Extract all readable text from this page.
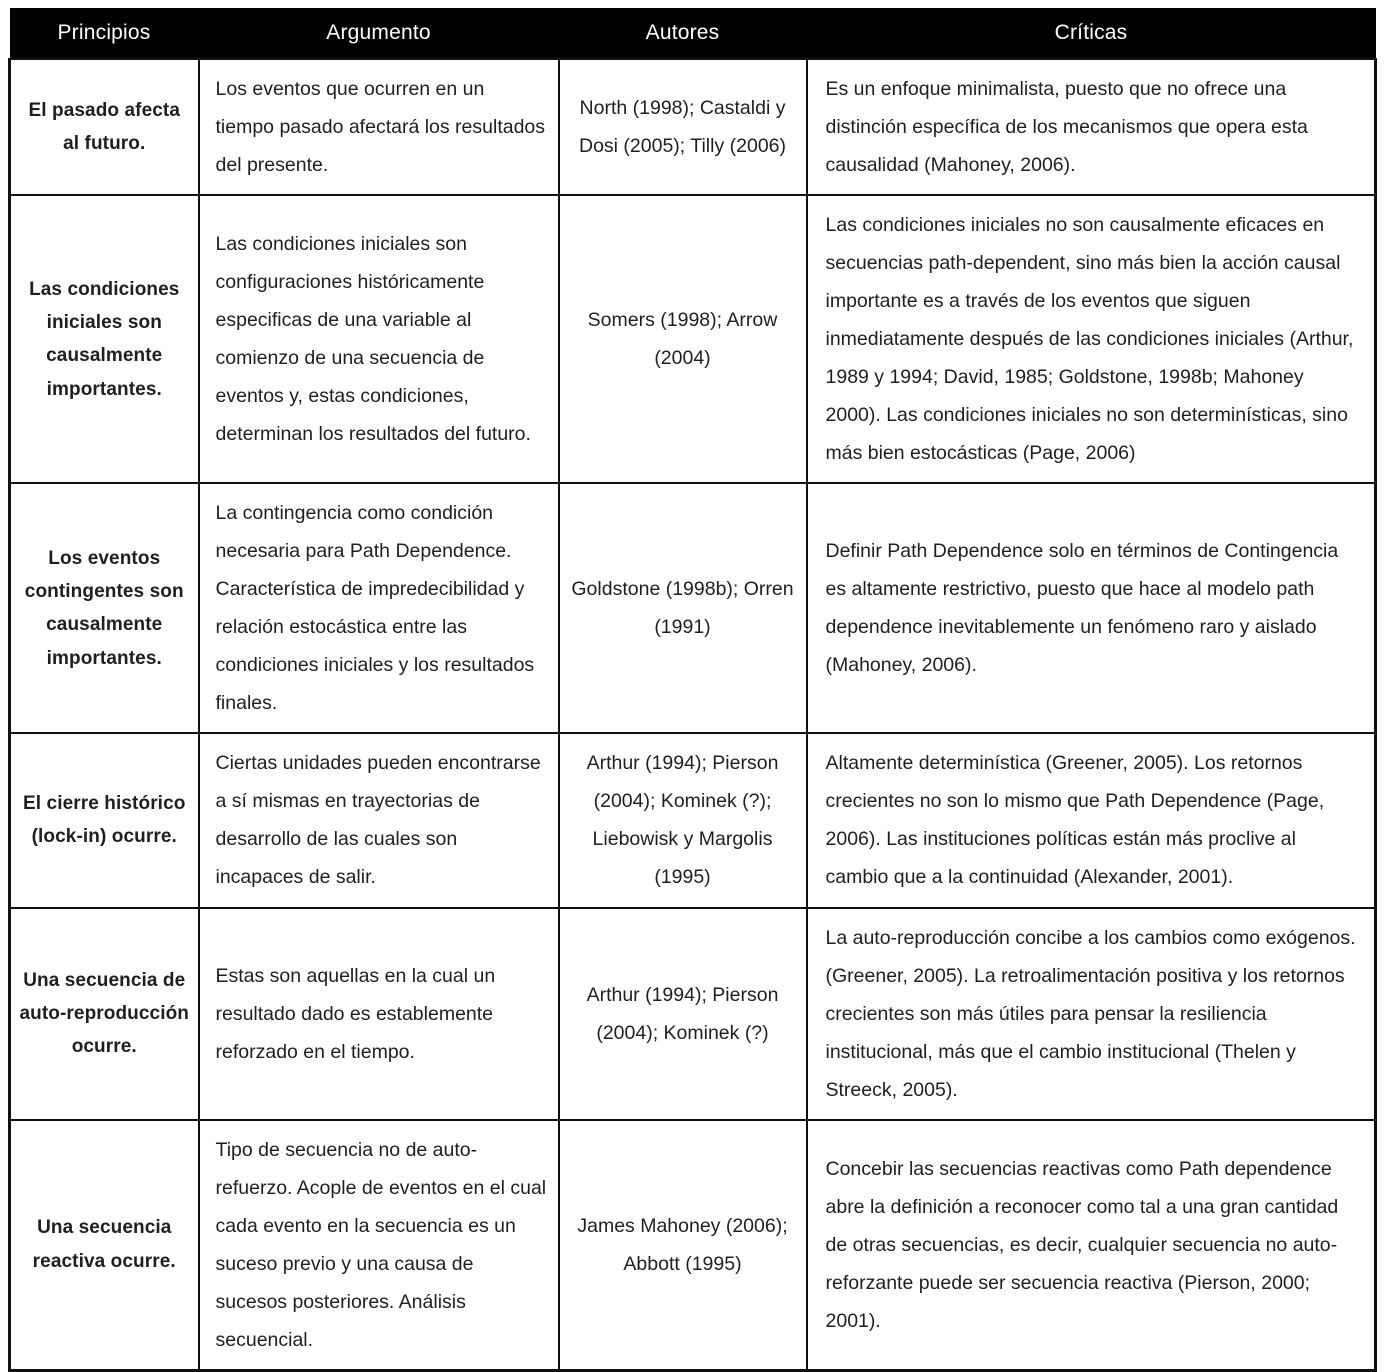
Principios	Argumento	Autores	Críticas
El pasado afecta al futuro.	Los eventos que ocurren en un tiempo pasado afectará los resultados del presente.	North (1998); Castaldi y Dosi (2005); Tilly (2006)	Es un enfoque minimalista, puesto que no ofrece una distinción específica de los mecanismos que opera esta causalidad (Mahoney, 2006).
Las condiciones iniciales son causalmente importantes.	Las condiciones iniciales son configuraciones históricamente especificas de una variable al comienzo de una secuencia de eventos y, estas condiciones, determinan los resultados del futuro.	Somers (1998); Arrow (2004)	Las condiciones iniciales no son causalmente eficaces en secuencias path-dependent, sino más bien la acción causal importante es a través de los eventos que siguen inmediatamente después de las condiciones iniciales (Arthur, 1989 y 1994; David, 1985; Goldstone, 1998b; Mahoney 2000). Las condiciones iniciales no son determinísticas, sino más bien estocásticas (Page, 2006)
Los eventos contingentes son causalmente importantes.	La contingencia como condición necesaria para Path Dependence. Característica de impredecibilidad y relación estocástica entre las condiciones iniciales y los resultados finales.	Goldstone (1998b); Orren (1991)	Definir Path Dependence solo en términos de Contingencia es altamente restrictivo, puesto que hace al modelo path dependence inevitablemente un fenómeno raro y aislado (Mahoney, 2006).
El cierre histórico (lock-in) ocurre.	Ciertas unidades pueden encontrarse a sí mismas en trayectorias de desarrollo de las cuales son incapaces de salir.	Arthur (1994); Pierson (2004); Kominek (?); Liebowisk y Margolis (1995)	Altamente determinística (Greener, 2005). Los retornos crecientes no son lo mismo que Path Dependence (Page, 2006). Las instituciones políticas están más proclive al cambio que a la continuidad (Alexander, 2001).
Una secuencia de auto-reproducción ocurre.	Estas son aquellas en la cual un resultado dado es establemente reforzado en el tiempo.	Arthur (1994); Pierson (2004); Kominek (?)	La auto-reproducción concibe a los cambios como exógenos. (Greener, 2005). La retroalimentación positiva y los retornos crecientes son más útiles para pensar la resiliencia institucional, más que el cambio institucional (Thelen y Streeck, 2005).
Una secuencia reactiva ocurre.	Tipo de secuencia no de auto-refuerzo. Acople de eventos en el cual cada evento en la secuencia es un suceso previo y una causa de sucesos posteriores. Análisis secuencial.	James Mahoney (2006); Abbott (1995)	Concebir las secuencias reactivas como Path dependence abre la definición a reconocer como tal a una gran cantidad de otras secuencias, es decir, cualquier secuencia no auto-reforzante puede ser secuencia reactiva (Pierson, 2000; 2001).
